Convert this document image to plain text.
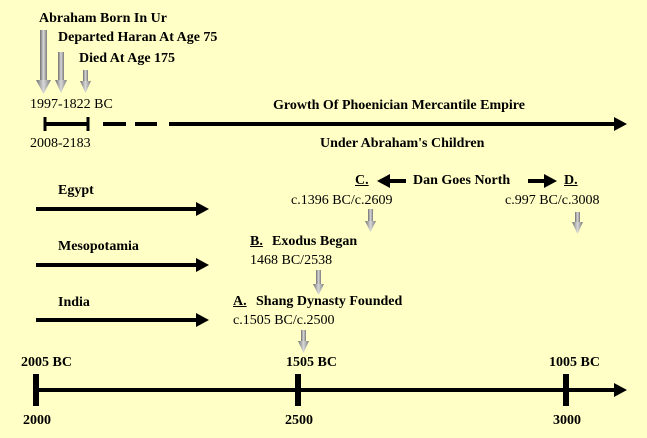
Abraham Born In Ur
Departed Haran At Age 75
Died At Age 175
1997-1822 BC
2008-2183
Growth Of Phoenician Mercantile Empire
Under Abraham's Children
Egypt
Mesopotamia
India
C.	Dan Goes North	D.
c.1396 BC/c.2609	c.997 BC/c.3008
B. Exodus Began
1468 BC/2538
A. Shang Dynasty Founded
c.1505 BC/c.2500
2005 BC	1505 BC	1005 BC
2000	2500	3000
